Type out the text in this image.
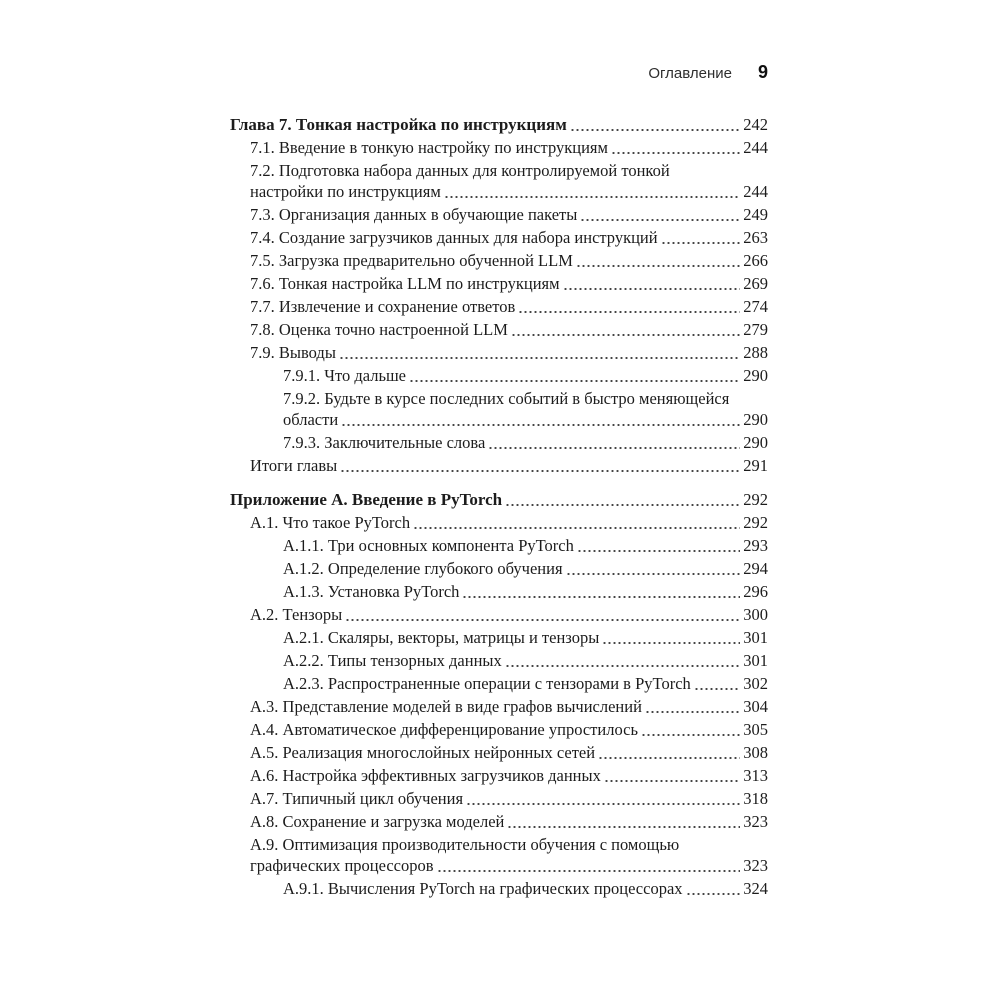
Оглавление 9
Глава 7. Тонкая настройка по инструкциям	242
7.1. Введение в тонкую настройку по инструкциям	244
7.2. Подготовка набора данных для контролируемой тонкой
настройки по инструкциям	244
7.3. Организация данных в обучающие пакеты	249
7.4. Создание загрузчиков данных для набора инструкций	263
7.5. Загрузка предварительно обученной LLM	266
7.6. Тонкая настройка LLM по инструкциям	269
7.7. Извлечение и сохранение ответов	274
7.8. Оценка точно настроенной LLM	279
7.9. Выводы	288
7.9.1. Что дальше	290
7.9.2. Будьте в курсе последних событий в быстро меняющейся
области	290
7.9.3. Заключительные слова	290
Итоги главы	291
Приложение А. Введение в PyTorch	292
А.1. Что такое PyTorch	292
А.1.1. Три основных компонента PyTorch	293
А.1.2. Определение глубокого обучения	294
А.1.3. Установка PyTorch	296
А.2. Тензоры	300
А.2.1. Скаляры, векторы, матрицы и тензоры	301
А.2.2. Типы тензорных данных	301
А.2.3. Распространенные операции с тензорами в PyTorch	302
А.3. Представление моделей в виде графов вычислений	304
А.4. Автоматическое дифференцирование упростилось	305
А.5. Реализация многослойных нейронных сетей	308
А.6. Настройка эффективных загрузчиков данных	313
А.7. Типичный цикл обучения	318
А.8. Сохранение и загрузка моделей	323
А.9. Оптимизация производительности обучения с помощью
графических процессоров	323
А.9.1. Вычисления PyTorch на графических процессорах	324
